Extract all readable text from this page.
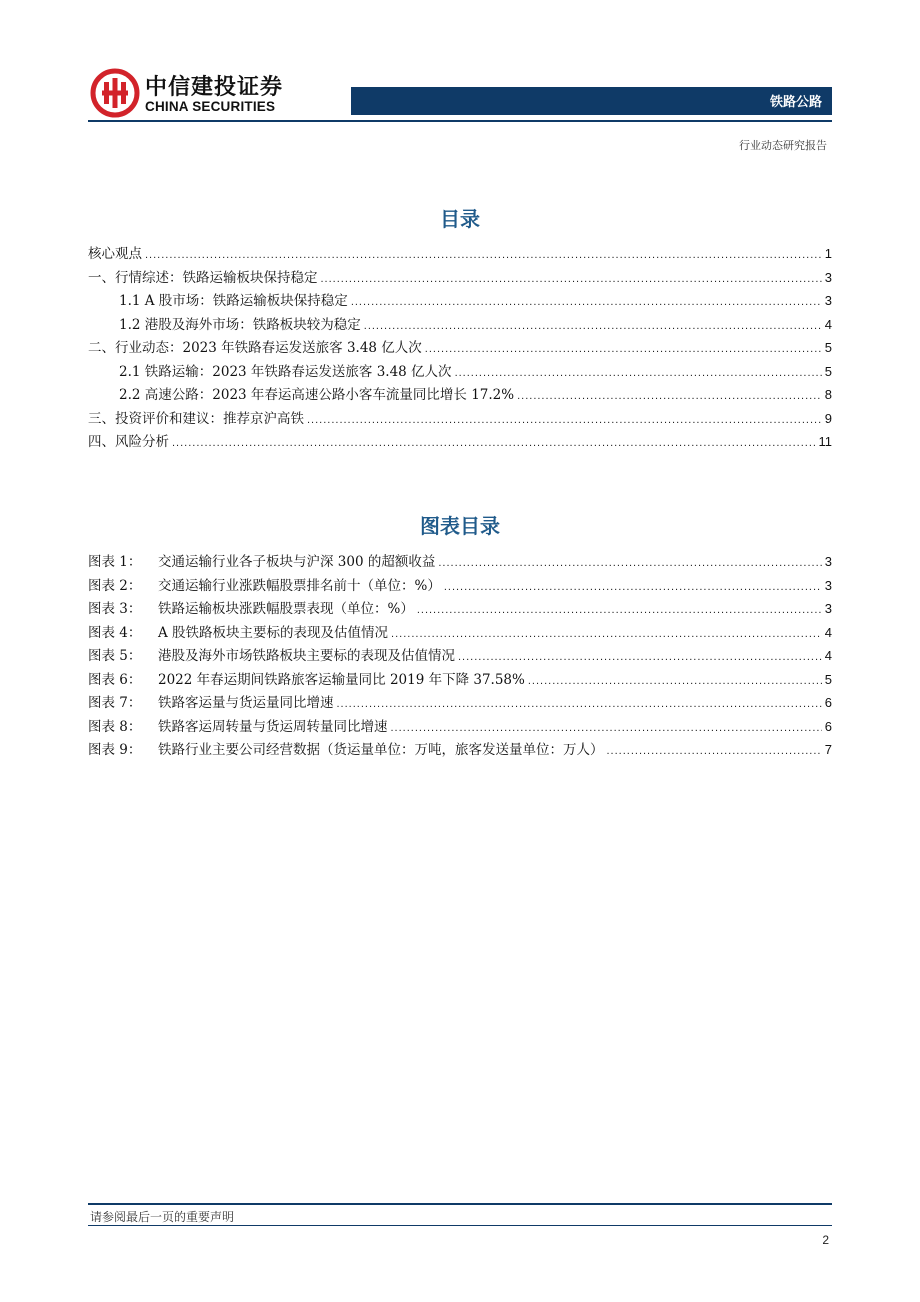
中信建投证券
CHINA SECURITIES	铁路公路
行业动态研究报告
目录
核心观点 .....	1
一、行情综述：铁路运输板块保持稳定 .....	3
1.1 A 股市场：铁路运输板块保持稳定 .....	3
1.2 港股及海外市场：铁路板块较为稳定 .....	4
二、行业动态：2023 年铁路春运发送旅客 3.48 亿人次 .....	5
2.1 铁路运输：2023 年铁路春运发送旅客 3.48 亿人次 .....	5
2.2 高速公路：2023 年春运高速公路小客车流量同比增长 17.2% .....	8
三、投资评价和建议：推荐京沪高铁 .....	9
四、风险分析 .....	11
图表目录
图表 1： 交通运输行业各子板块与沪深 300 的超额收益 .....	3
图表 2： 交通运输行业涨跌幅股票排名前十（单位：%） .....	3
图表 3： 铁路运输板块涨跌幅股票表现（单位：%） .....	3
图表 4： A 股铁路板块主要标的表现及估值情况 .....	4
图表 5： 港股及海外市场铁路板块主要标的表现及估值情况 .....	4
图表 6： 2022 年春运期间铁路旅客运输量同比 2019 年下降 37.58% .....	5
图表 7： 铁路客运量与货运量同比增速 .....	6
图表 8： 铁路客运周转量与货运周转量同比增速 .....	6
图表 9： 铁路行业主要公司经营数据（货运量单位：万吨，旅客发送量单位：万人） .....	7
请参阅最后一页的重要声明
2
